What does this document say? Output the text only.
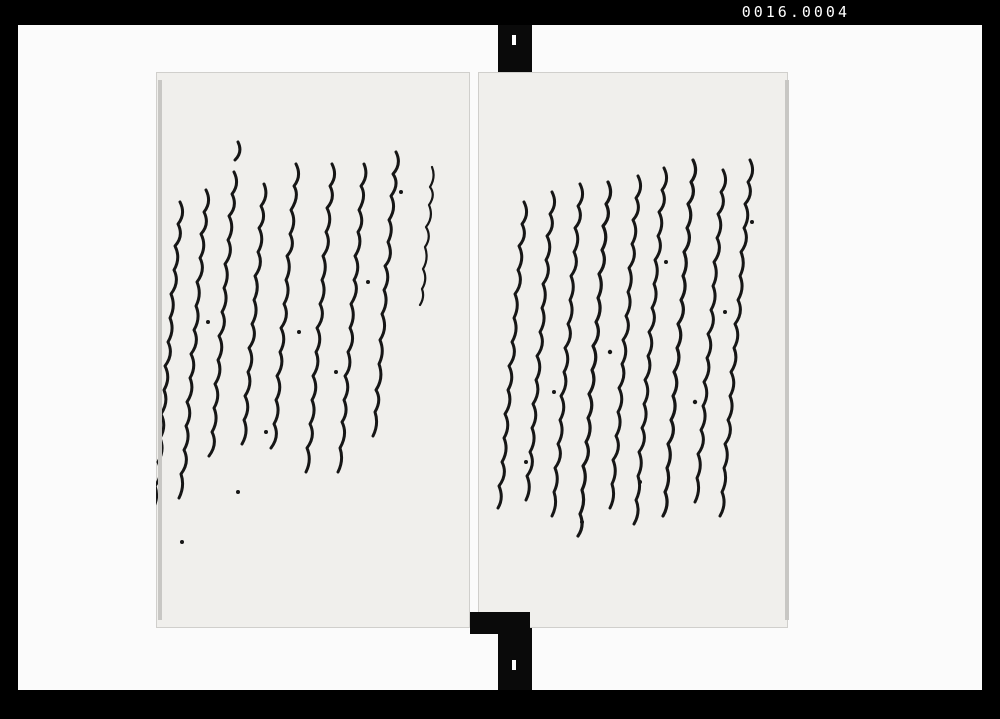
0016.0004
